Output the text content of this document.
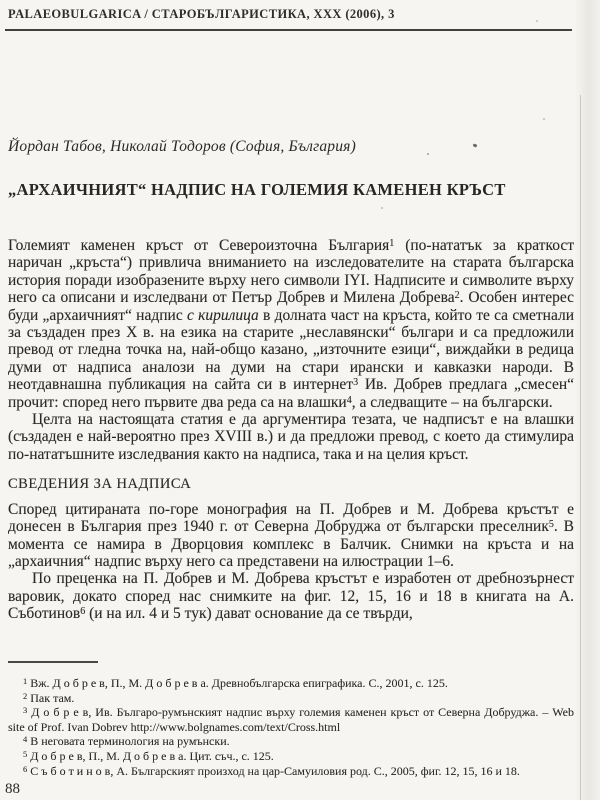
PALAEOBULGARICA / СТАРОБЪЛГАРИСТИКА, XXX (2006), 3
Йордан Табов, Николай Тодоров (София, България)
„АРХАИЧНИЯТ“ НАДПИС НА ГОЛЕМИЯ КАМЕНЕН КРЪСТ

Големият каменен кръст от Североизточна България$^1$ (по-нататък за краткост наричан „кръста“) привлича вниманието на изследователите на старата българска история поради изобразените върху него символи IYI. Надписите и символите върху него са описани и изследвани от Петър Добрев и Милена Добрева$^2$. Особен интерес буди „архаичният“ надпис с кирилица в долната част на кръста, който те са сметнали за създаден през X в. на езика на старите „неславянски“ българи и са предложили превод от гледна точка на, най-общо казано, „източните езици“, виждайки в редица думи от надписа аналози на думи на стари ирански и кавказки народи. В неотдавнашна публикация на сайта си в интернет$^3$ Ив. Добрев предлага „смесен“ прочит: според него първите два реда са на влашки$^4$, а следващите – на български.

Целта на настоящата статия е да аргументира тезата, че надписът е на влашки (създаден е най-вероятно през XVIII в.) и да предложи превод, с което да стимулира по-нататъшните изследвания както на надписа, така и на целия кръст.

СВЕДЕНИЯ ЗА НАДПИСА

Според цитираната по-горе монография на П. Добрев и М. Добрева кръстът е донесен в България през 1940 г. от Северна Добруджа от български преселник$^5$. В момента се намира в Дворцовия комплекс в Балчик. Снимки на кръста и на „архаичния“ надпис върху него са представени на илюстрации 1–6.

По преценка на П. Добрев и М. Добрева кръстът е изработен от дребнозърнест варовик, докато според нас снимките на фиг. 12, 15, 16 и 18 в книгата на А. Съботинов$^6$ (и на ил. 4 и 5 тук) дават основание да се твърди,

$^1$ Вж. Д о б р е в, П., М. Д о б р е в а. Древнобългарска епиграфика. С., 2001, с. 125.

$^2$ Пак там.

$^3$ Д о б р е в, Ив. Българо-румънският надпис върху големия каменен кръст от Северна Добруджа. – Web site of Prof. Ivan Dobrev http://www.bolgnames.com/text/Cross.html

$^4$ В неговата терминология на румънски.

$^5$ Д о б р е в, П., М. Д о б р е в а. Цит. съч., с. 125.

$^6$ С ъ б о т и н о в, А. Българският произход на цар-Самуиловия род. С., 2005, фиг. 12, 15, 16 и 18.

88
